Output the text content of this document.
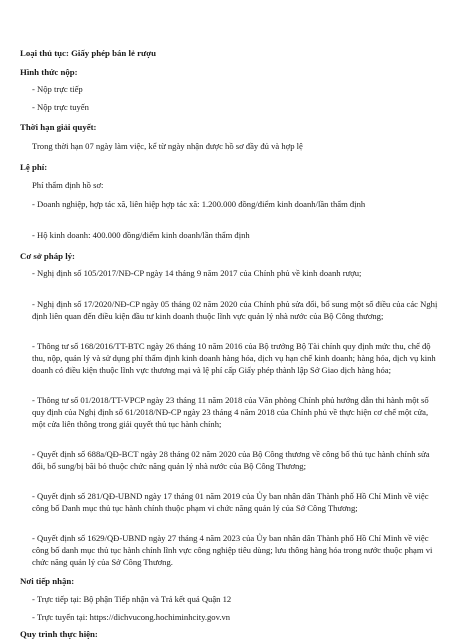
Loại thủ tục: Giấy phép bán lẻ rượu
Hình thức nộp:
- Nộp trực tiếp
- Nộp trực tuyến
Thời hạn giải quyết:
Trong thời hạn 07 ngày làm việc, kể từ ngày nhận được hồ sơ đầy đủ và hợp lệ
Lệ phí:
Phí thẩm định hồ sơ:
- Doanh nghiệp, hợp tác xã, liên hiệp hợp tác xã: 1.200.000 đồng/điểm kinh doanh/lần thẩm định
- Hộ kinh doanh: 400.000 đồng/điểm kinh doanh/lần thẩm định
Cơ sở pháp lý:
- Nghị định số 105/2017/NĐ-CP ngày 14 tháng 9 năm 2017 của Chính phủ về kinh doanh rượu;
- Nghị định số 17/2020/NĐ-CP ngày 05 tháng 02 năm 2020 của Chính phủ sửa đổi, bổ sung một số điều của các Nghị định liên quan đến điều kiện đầu tư kinh doanh thuộc lĩnh vực quản lý nhà nước của Bộ Công thương;
- Thông tư số 168/2016/TT-BTC ngày 26 tháng 10 năm 2016 của Bộ trưởng Bộ Tài chính quy định mức thu, chế độ thu, nộp, quản lý và sử dụng phí thẩm định kinh doanh hàng hóa, dịch vụ hạn chế kinh doanh; hàng hóa, dịch vụ kinh doanh có điều kiện thuộc lĩnh vực thương mại và lệ phí cấp Giấy phép thành lập Sở Giao dịch hàng hóa;
- Thông tư số 01/2018/TT-VPCP ngày 23 tháng 11 năm 2018 của Văn phòng Chính phủ hướng dẫn thi hành một số quy định của Nghị định số 61/2018/NĐ-CP ngày 23 tháng 4 năm 2018 của Chính phủ về thực hiện cơ chế một cửa, một cửa liên thông trong giải quyết thủ tục hành chính;
- Quyết định số 688a/QĐ-BCT ngày 28 tháng 02 năm 2020 của Bộ Công thương về công bố thủ tục hành chính sửa đổi, bổ sung/bị bãi bỏ thuộc chức năng quản lý nhà nước của Bộ Công Thương;
- Quyết định số 281/QĐ-UBND ngày 17 tháng 01 năm 2019 của Ủy ban nhân dân Thành phố Hồ Chí Minh về việc công bố Danh mục thủ tục hành chính thuộc phạm vi chức năng quản lý của Sở Công Thương;
- Quyết định số 1629/QĐ-UBND ngày 27 tháng 4 năm 2023 của Ủy ban nhân dân Thành phố Hồ Chí Minh về việc công bố danh mục thủ tục hành chính lĩnh vực công nghiệp tiêu dùng; lưu thông hàng hóa trong nước thuộc phạm vi chức năng quản lý của Sở Công Thương.
Nơi tiếp nhận:
- Trực tiếp tại: Bộ phận Tiếp nhận và Trả kết quả Quận 12
- Trực tuyến tại: https://dichvucong.hochiminhcity.gov.vn
Quy trình thực hiện:
